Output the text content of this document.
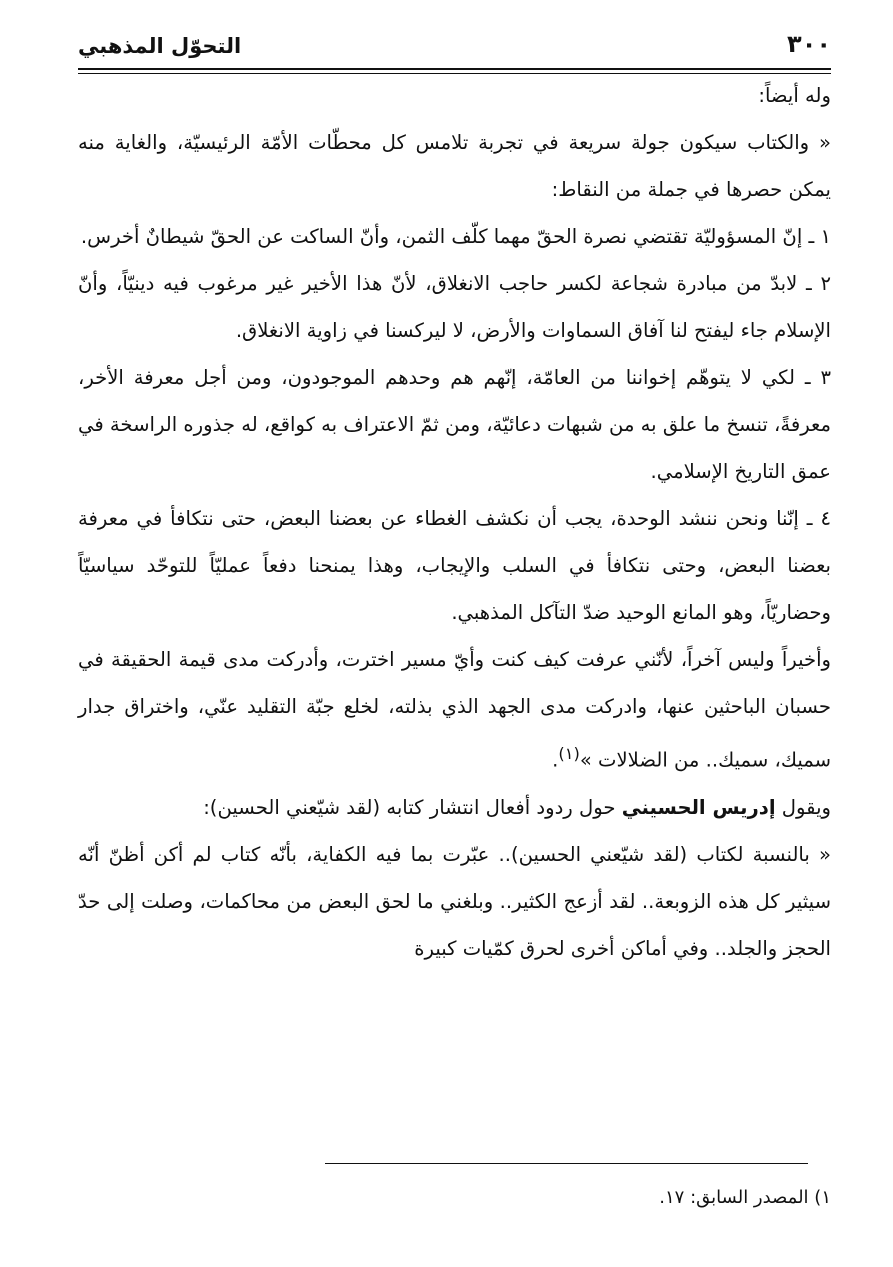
التحوّل المذهبي	٣٠٠

وله أيضاً:

« والكتاب سيكون جولة سريعة في تجربة تلامس كل محطّات الأمّة الرئيسيّة، والغاية منه يمكن حصرها في جملة من النقاط:

١ ـ إنّ المسؤوليّة تقتضي نصرة الحقّ مهما كلّف الثمن، وأنّ الساكت عن الحقّ شيطانٌ أخرس.

٢ ـ لابدّ من مبادرة شجاعة لكسر حاجب الانغلاق، لأنّ هذا الأخير غير مرغوب فيه دينيّاً، وأنّ الإسلام جاء ليفتح لنا آفاق السماوات والأرض، لا ليركسنا في زاوية الانغلاق.

٣ ـ لكي لا يتوهّم إخواننا من العامّة، إنّهم هم وحدهم الموجودون، ومن أجل معرفة الأخر، معرفةً، تنسخ ما علق به من شبهات دعائيّة، ومن ثمّ الاعتراف به كواقع، له جذوره الراسخة في عمق التاريخ الإسلامي.

٤ ـ إنّنا ونحن ننشد الوحدة، يجب أن نكشف الغطاء عن بعضنا البعض، حتى نتكافأ في معرفة بعضنا البعض، وحتى نتكافأ في السلب والإيجاب، وهذا يمنحنا دفعاً عمليّاً للتوحّد سياسيّاً وحضاريّاً، وهو المانع الوحيد ضدّ التآكل المذهبي.

وأخيراً وليس آخراً، لأنّني عرفت كيف كنت وأيّ مسير اخترت، وأدركت مدى قيمة الحقيقة في حسبان الباحثين عنها، وادركت مدى الجهد الذي بذلته، لخلع جبّة التقليد عنّي، واختراق جدار سميك، سميك.. من الضلالات »$^{(١)}$.

ويقول إدريس الحسيني حول ردود أفعال انتشار كتابه (لقد شيّعني الحسين):

« بالنسبة لكتاب (لقد شيّعني الحسين).. عبّرت بما فيه الكفاية، بأنّه كتاب لم أكن أظنّ أنّه سيثير كل هذه الزوبعة.. لقد أزعج الكثير.. وبلغني ما لحق البعض من محاكمات، وصلت إلى حدّ الحجز والجلد.. وفي أماكن أخرى لحرق كمّيات كبيرة

١) المصدر السابق: ١٧.
